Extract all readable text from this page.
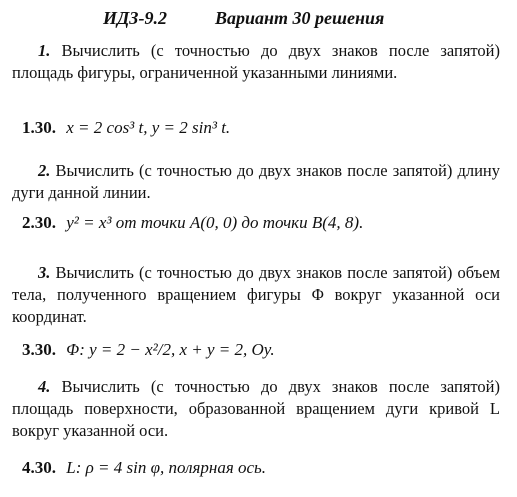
ИДЗ-9.2	Вариант 30 решения
1. Вычислить (с точностью до двух знаков после запятой) площадь фигуры, ограниченной указанными линиями.
1.30. x = 2 cos³ t, y = 2 sin³ t.
2. Вычислить (с точностью до двух знаков после запятой) длину дуги данной линии.
2.30. y² = x³ от точки A(0, 0) до точки B(4, 8).
3. Вычислить (с точностью до двух знаков после запятой) объем тела, полученного вращением фигуры Φ вокруг указанной оси координат.
3.30. Φ: y = 2 − x²/2, x + y = 2, Oy.
4. Вычислить (с точностью до двух знаков после запятой) площадь поверхности, образованной вращением дуги кривой L вокруг указанной оси.
4.30. L: ρ = 4 sin φ, полярная ось.
